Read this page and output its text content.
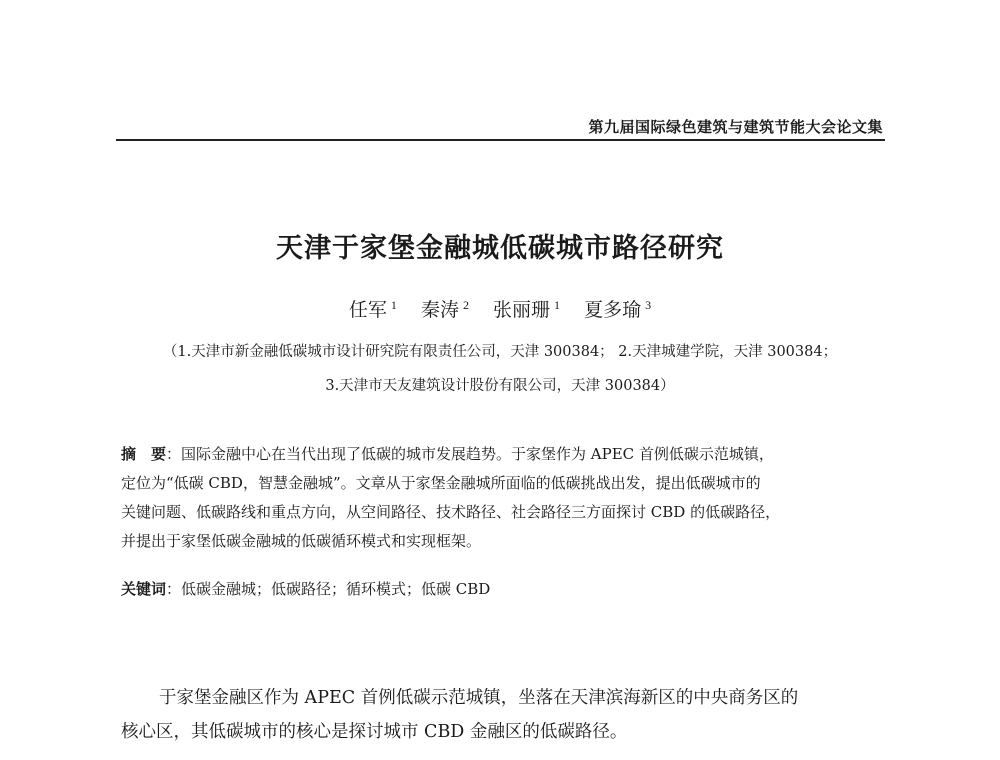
第九届国际绿色建筑与建筑节能大会论文集
天津于家堡金融城低碳城市路径研究
任军 $^1$ 秦涛 $^2$ 张丽珊 $^1$ 夏多瑜 $^3$
（1.天津市新金融低碳城市设计研究院有限责任公司，天津 300384； 2.天津城建学院，天津 300384；
3.天津市天友建筑设计股份有限公司，天津 300384）
摘　要：国际金融中心在当代出现了低碳的城市发展趋势。于家堡作为 APEC 首例低碳示范城镇，
定位为“低碳 CBD，智慧金融城”。文章从于家堡金融城所面临的低碳挑战出发，提出低碳城市的
关键问题、低碳路线和重点方向，从空间路径、技术路径、社会路径三方面探讨 CBD 的低碳路径，
并提出于家堡低碳金融城的低碳循环模式和实现框架。
关键词：低碳金融城；低碳路径；循环模式；低碳 CBD
于家堡金融区作为 APEC 首例低碳示范城镇，坐落在天津滨海新区的中央商务区的
核心区，其低碳城市的核心是探讨城市 CBD 金融区的低碳路径。
